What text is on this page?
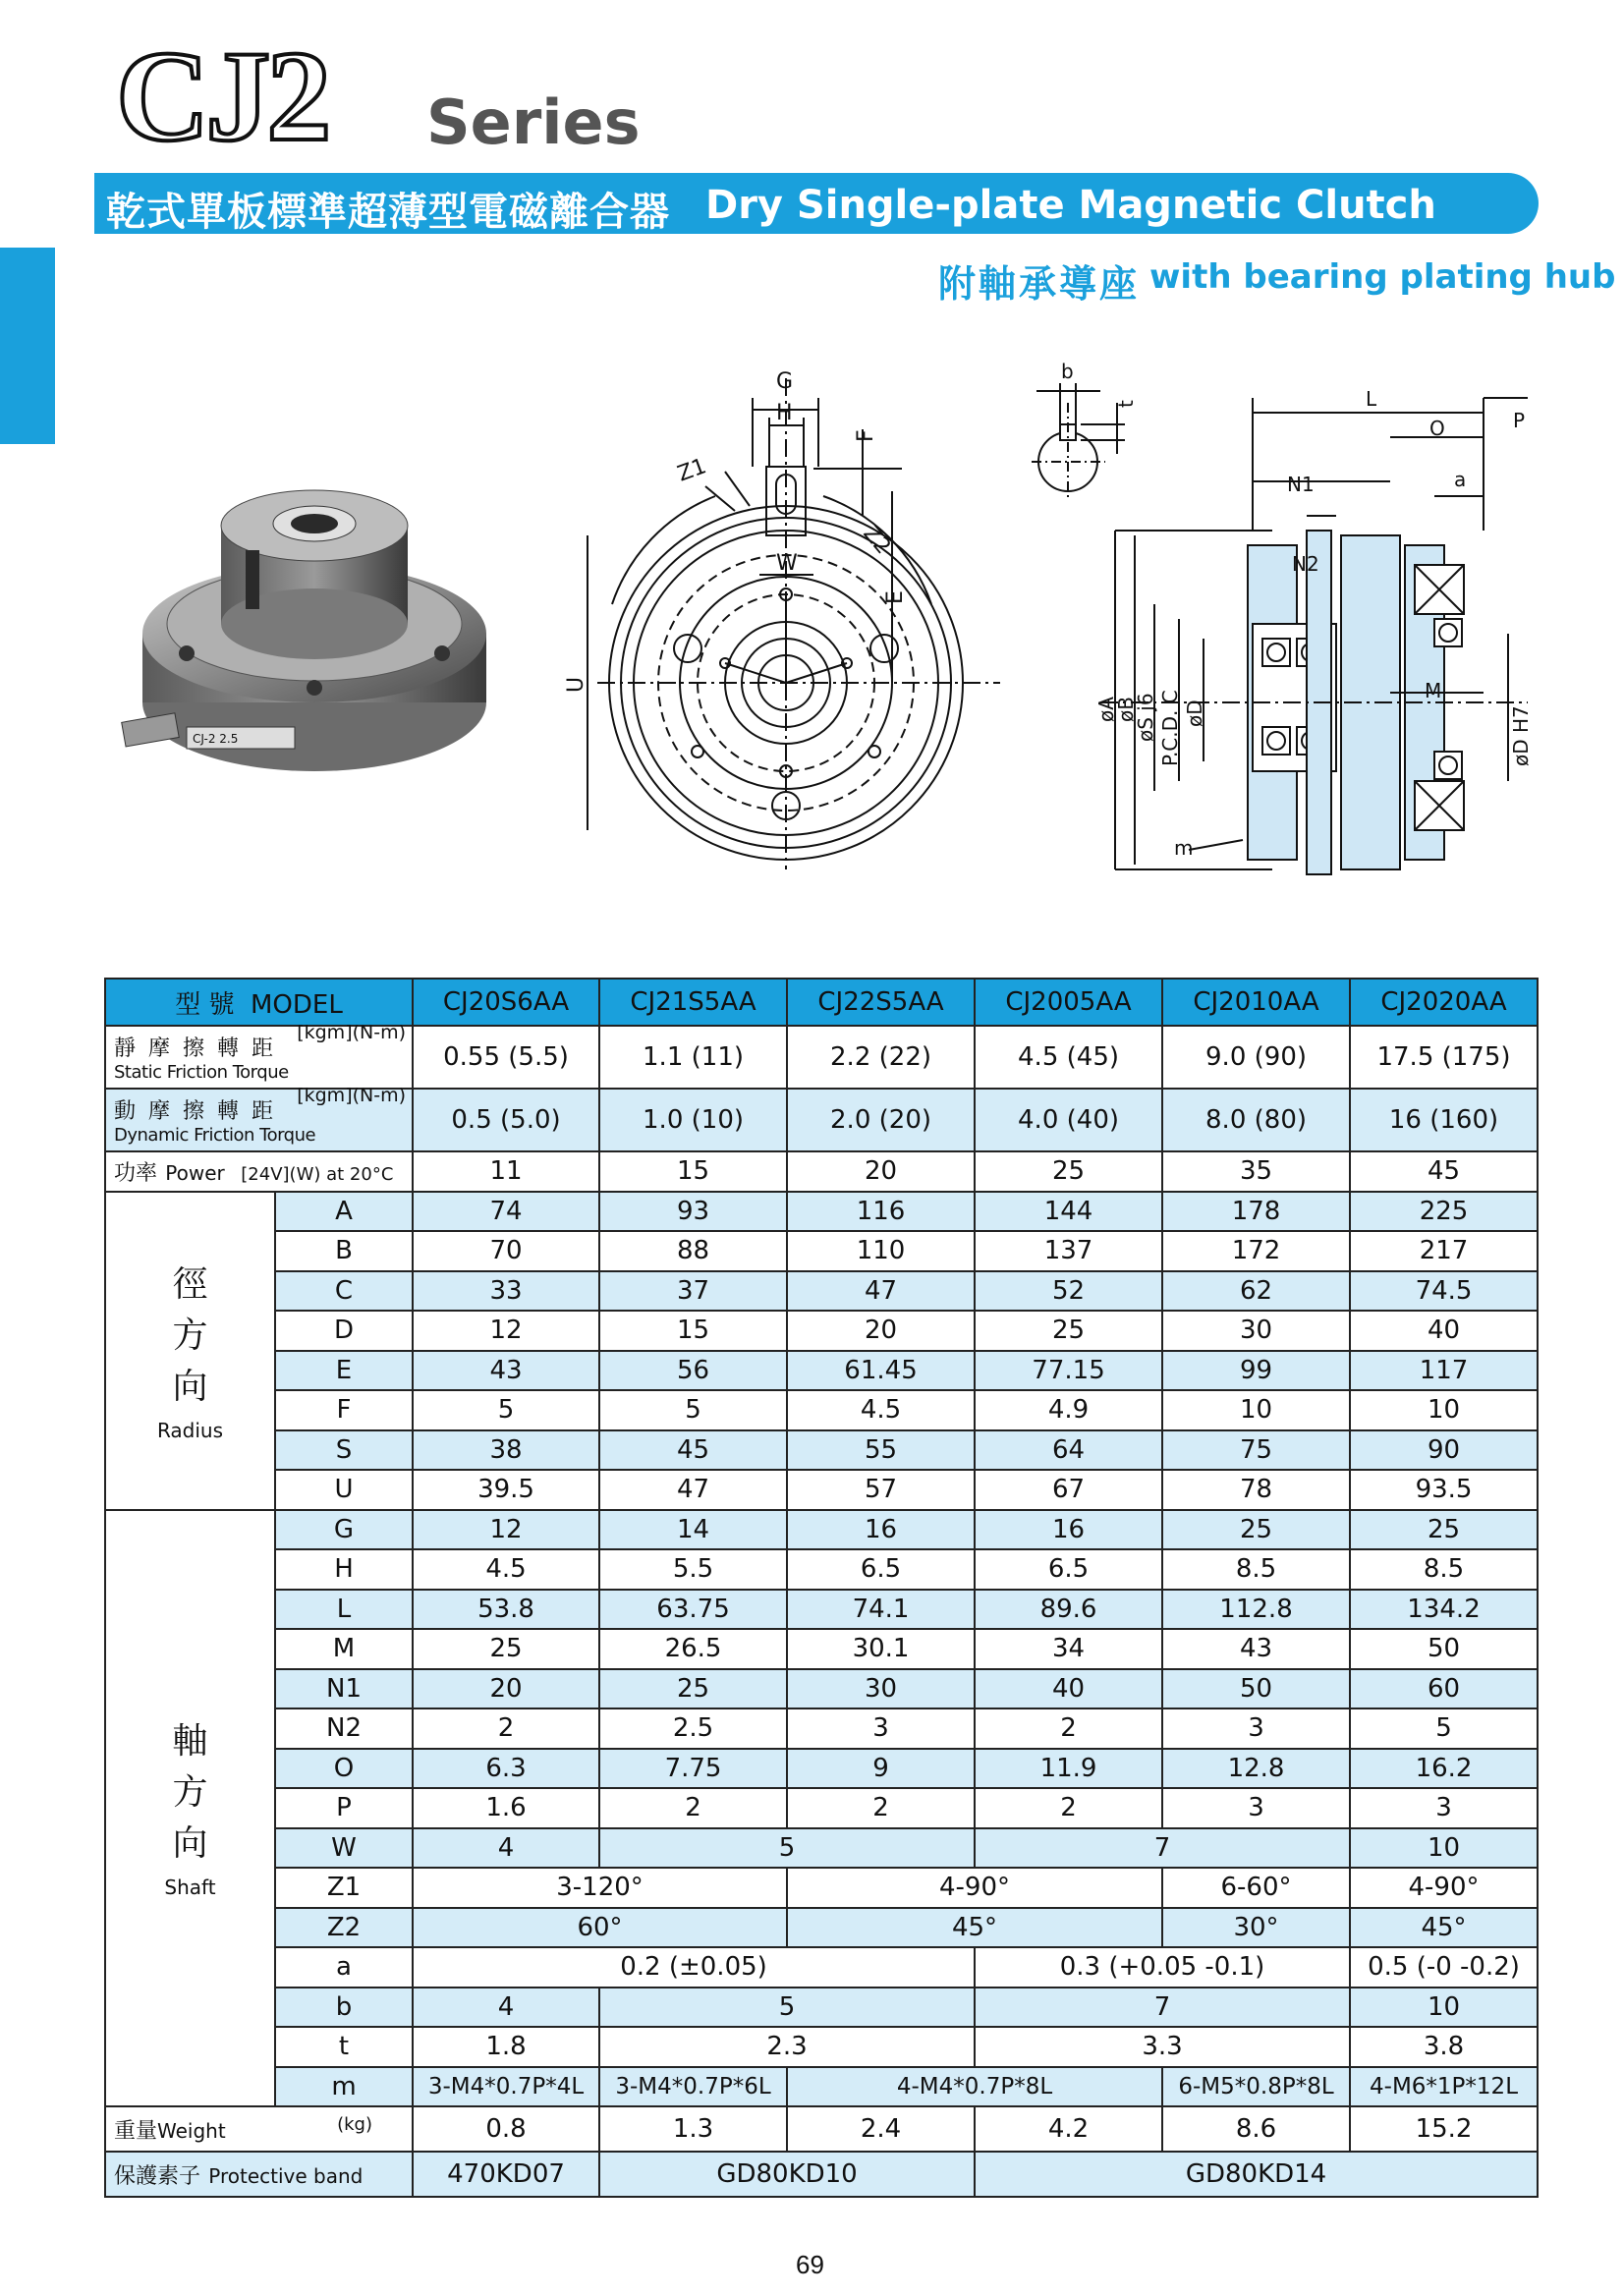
CJ2 Series
乾式單板標準超薄型電磁離合器 Dry Single-plate Magnetic Clutch
附軸承導座 with bearing plating hub
CJ-2 2.5
G
H
F
Z1
Z2
W
E
U
b
t	L
O	P
N1	a
N2
øA
øB
øS j6 P.C.D. C øD
M
øD H7
m
型 號 MODEL		CJ20S6AA	CJ21S5AA	CJ22S5AA	CJ2005AA	CJ2010AA	CJ2020AA
靜 摩 擦 轉 距
[kgm](N-m)
Static Friction Torque		0.55 (5.5)	1.1 (11)	2.2 (22)	4.5 (45)	9.0 (90)	17.5 (175)
動 摩 擦 轉 距
[kgm](N-m)
Dynamic Friction Torque		0.5 (5.0)	1.0 (10)	2.0 (20)	4.0 (40)	8.0 (80)	16 (160)
功率 Power [24V](W) at 20°C		11	15	20	25	35	45

徑
方
向
Radius	A	74	93	116	144	178	225
	B	70	88	110	137	172	217
	C	33	37	47	52	62	74.5
	D	12	15	20	25	30	40
	E	43	56	61.45	77.15	99	117
	F	5	5	4.5	4.9	10	10
	S	38	45	55	64	75	90
	U	39.5	47	57	67	78	93.5

軸
方
向
Shaft	G	12	14	16	16	25	25
	H	4.5	5.5	6.5	6.5	8.5	8.5
	L	53.8	63.75	74.1	89.6	112.8	134.2
	M	25	26.5	30.1	34	43	50
	N1	20	25	30	40	50	60
	N2	2	2.5	3	2	3	5
	O	6.3	7.75	9	11.9	12.8	16.2
	P	1.6	2	2	2	3	3
	W	4	5		7		10
	Z1	3-120°		4-90°		6-60°	4-90°
	Z2	60°		45°		30°	45°
	a	0.2 (±0.05)			0.3 (+0.05 -0.1)		0.5 (-0 -0.2)
	b	4	5		7		10
	t	1.8	2.3		3.3		3.8
	m	3-M4*0.7P*4L	3-M4*0.7P*6L	4-M4*0.7P*8L		6-M5*0.8P*8L	4-M6*1P*12L
重量Weight (kg)		0.8	1.3	2.4	4.2	8.6	15.2
保護素子 Protective band		470KD07	GD80KD10		GD80KD14		
69
